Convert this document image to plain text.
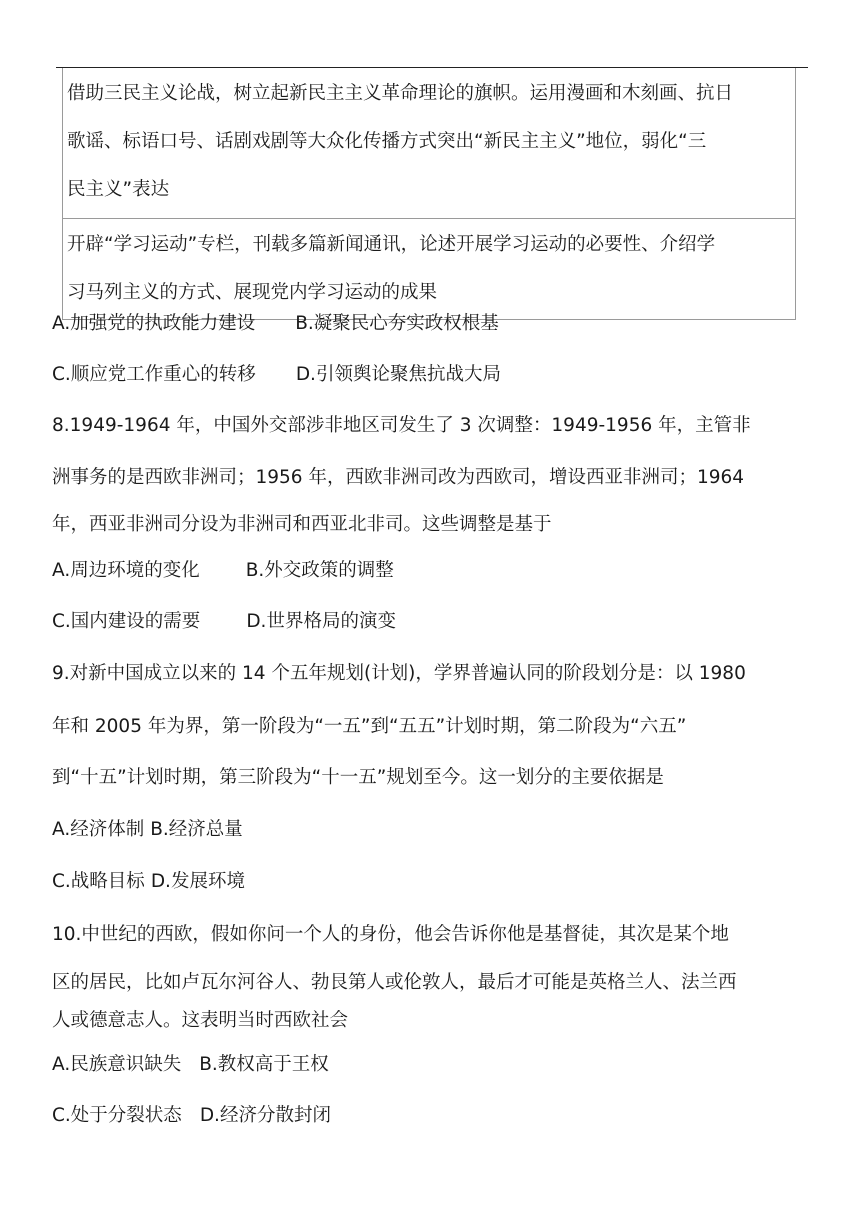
借助三民主义论战，树立起新民主主义革命理论的旗帜。运用漫画和木刻画、抗日
歌谣、标语口号、话剧戏剧等大众化传播方式突出“新民主主义”地位，弱化“三
民主义”表达
开辟“学习运动”专栏，刊载多篇新闻通讯，论述开展学习运动的必要性、介绍学
习马列主义的方式、展现党内学习运动的成果
A.加强党的执政能力建设 B.凝聚民心夯实政权根基
C.顺应党工作重心的转移 D.引领舆论聚焦抗战大局
8.1949-1964 年，中国外交部涉非地区司发生了 3 次调整：1949-1956 年，主管非
洲事务的是西欧非洲司；1956 年，西欧非洲司改为西欧司，增设西亚非洲司；1964
年，西亚非洲司分设为非洲司和西亚北非司。这些调整是基于
A.周边环境的变化 B.外交政策的调整
C.国内建设的需要 D.世界格局的演变
9.对新中国成立以来的 14 个五年规划(计划)，学界普遍认同的阶段划分是：以 1980
年和 2005 年为界，第一阶段为“一五”到“五五”计划时期，第二阶段为“六五”
到“十五”计划时期，第三阶段为“十一五”规划至今。这一划分的主要依据是
A.经济体制 B.经济总量
C.战略目标 D.发展环境
10.中世纪的西欧，假如你问一个人的身份，他会告诉你他是基督徒，其次是某个地
区的居民，比如卢瓦尔河谷人、勃艮第人或伦敦人，最后才可能是英格兰人、法兰西
人或德意志人。这表明当时西欧社会
A.民族意识缺失 B.教权高于王权
C.处于分裂状态 D.经济分散封闭
